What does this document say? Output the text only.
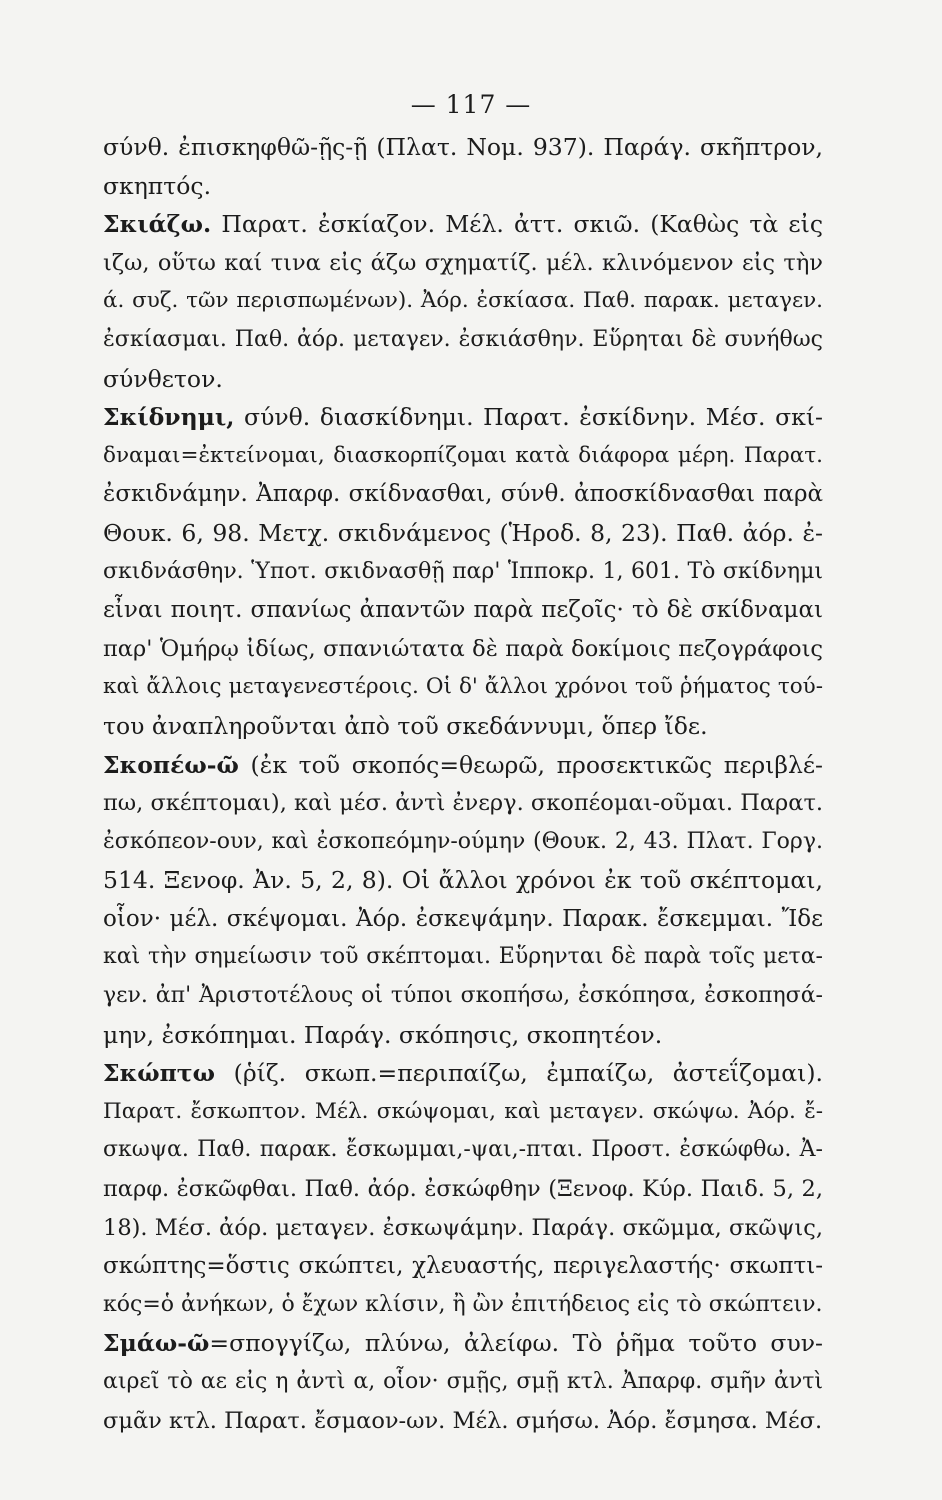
— 117 —
σύνθ. ἐπισκηφθῶ-ῇς-ῇ (Πλατ. Νομ. 937). Παράγ. σκῆπτρον,
σκηπτός.
Σκιάζω. Παρατ. ἐσκίαζον. Μέλ. ἀττ. σκιῶ. (Καθὼς τὰ εἰς
ιζω, οὕτω καί τινα εἰς άζω σχηματίζ. μέλ. κλινόμενον εἰς τὴν
ά. συζ. τῶν περισπωμένων). Ἀόρ. ἐσκίασα. Παθ. παρακ. μεταγεν.
ἐσκίασμαι. Παθ. ἀόρ. μεταγεν. ἐσκιάσθην. Εὕρηται δὲ συνήθως
σύνθετον.
Σκίδνημι, σύνθ. διασκίδνημι. Παρατ. ἐσκίδνην. Μέσ. σκί-
δναμαι=ἐκτείνομαι, διασκορπίζομαι κατὰ διάφορα μέρη. Παρατ.
ἐσκιδνάμην. Ἀπαρφ. σκίδνασθαι, σύνθ. ἀποσκίδνασθαι παρὰ
Θουκ. 6, 98. Μετχ. σκιδνάμενος (Ἡροδ. 8, 23). Παθ. ἀόρ. ἐ-
σκιδνάσθην. Ὑποτ. σκιδνασθῇ παρ' Ἱπποκρ. 1, 601. Τὸ σκίδνημι
εἶναι ποιητ. σπανίως ἀπαντῶν παρὰ πεζοῖς· τὸ δὲ σκίδναμαι
παρ' Ὁμήρῳ ἰδίως, σπανιώτατα δὲ παρὰ δοκίμοις πεζογράφοις
καὶ ἄλλοις μεταγενεστέροις. Οἱ δ' ἄλλοι χρόνοι τοῦ ῥήματος τού-
του ἀναπληροῦνται ἀπὸ τοῦ σκεδάννυμι, ὅπερ ἴδε.
Σκοπέω-ῶ (ἐκ τοῦ σκοπός=θεωρῶ, προσεκτικῶς περιβλέ-
πω, σκέπτομαι), καὶ μέσ. ἀντὶ ἐνεργ. σκοπέομαι-οῦμαι. Παρατ.
ἐσκόπεον-ουν, καὶ ἐσκοπεόμην-ούμην (Θουκ. 2, 43. Πλατ. Γοργ.
514. Ξενοφ. Ἀν. 5, 2, 8). Οἱ ἄλλοι χρόνοι ἐκ τοῦ σκέπτομαι,
οἷον· μέλ. σκέψομαι. Ἀόρ. ἐσκεψάμην. Παρακ. ἔσκεμμαι. Ἴδε
καὶ τὴν σημείωσιν τοῦ σκέπτομαι. Εὕρηνται δὲ παρὰ τοῖς μετα-
γεν. ἀπ' Ἀριστοτέλους οἱ τύποι σκοπήσω, ἐσκόπησα, ἐσκοπησά-
μην, ἐσκόπημαι. Παράγ. σκόπησις, σκοπητέον.
Σκώπτω (ῥίζ. σκωπ.=περιπαίζω, ἐμπαίζω, ἀστεΐζομαι).
Παρατ. ἔσκωπτον. Μέλ. σκώψομαι, καὶ μεταγεν. σκώψω. Ἀόρ. ἔ-
σκωψα. Παθ. παρακ. ἔσκωμμαι,-ψαι,-πται. Προστ. ἐσκώφθω. Ἀ-
παρφ. ἐσκῶφθαι. Παθ. ἀόρ. ἐσκώφθην (Ξενοφ. Κύρ. Παιδ. 5, 2,
18). Μέσ. ἀόρ. μεταγεν. ἐσκωψάμην. Παράγ. σκῶμμα, σκῶψις,
σκώπτης=ὅστις σκώπτει, χλευαστής, περιγελαστής· σκωπτι-
κός=ὁ ἀνήκων, ὁ ἔχων κλίσιν, ἢ ὢν ἐπιτήδειος εἰς τὸ σκώπτειν.
Σμάω-ῶ=σπογγίζω, πλύνω, ἀλείφω. Τὸ ῥῆμα τοῦτο συν-
αιρεῖ τὸ αε εἰς η ἀντὶ α, οἷον· σμῇς, σμῇ κτλ. Ἀπαρφ. σμῆν ἀντὶ
σμᾶν κτλ. Παρατ. ἔσμαον-ων. Μέλ. σμήσω. Ἀόρ. ἔσμησα. Μέσ.
